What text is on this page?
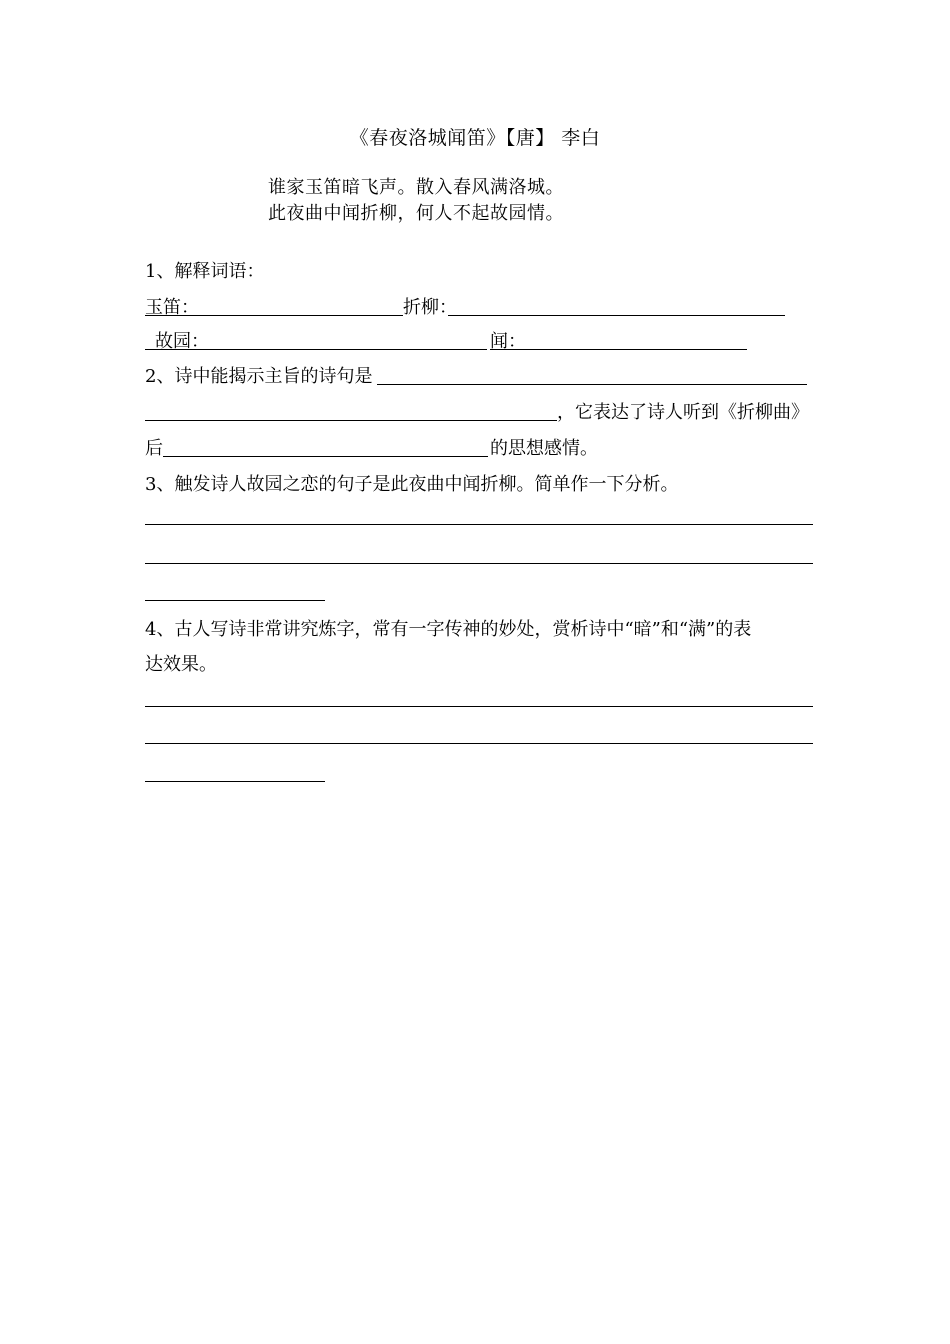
《春夜洛城闻笛》【唐】 李白
谁家玉笛暗飞声。散入春风满洛城。
此夜曲中闻折柳，何人不起故园情。
1、解释词语：
玉笛：	折柳：
故园：	闻：
2、诗中能揭示主旨的诗句是
，它表达了诗人听到《折柳曲》
后	的思想感情。
3、触发诗人故园之恋的句子是此夜曲中闻折柳。简单作一下分析。
4、古人写诗非常讲究炼字，常有一字传神的妙处，赏析诗中“暗”和“满”的表
达效果。
